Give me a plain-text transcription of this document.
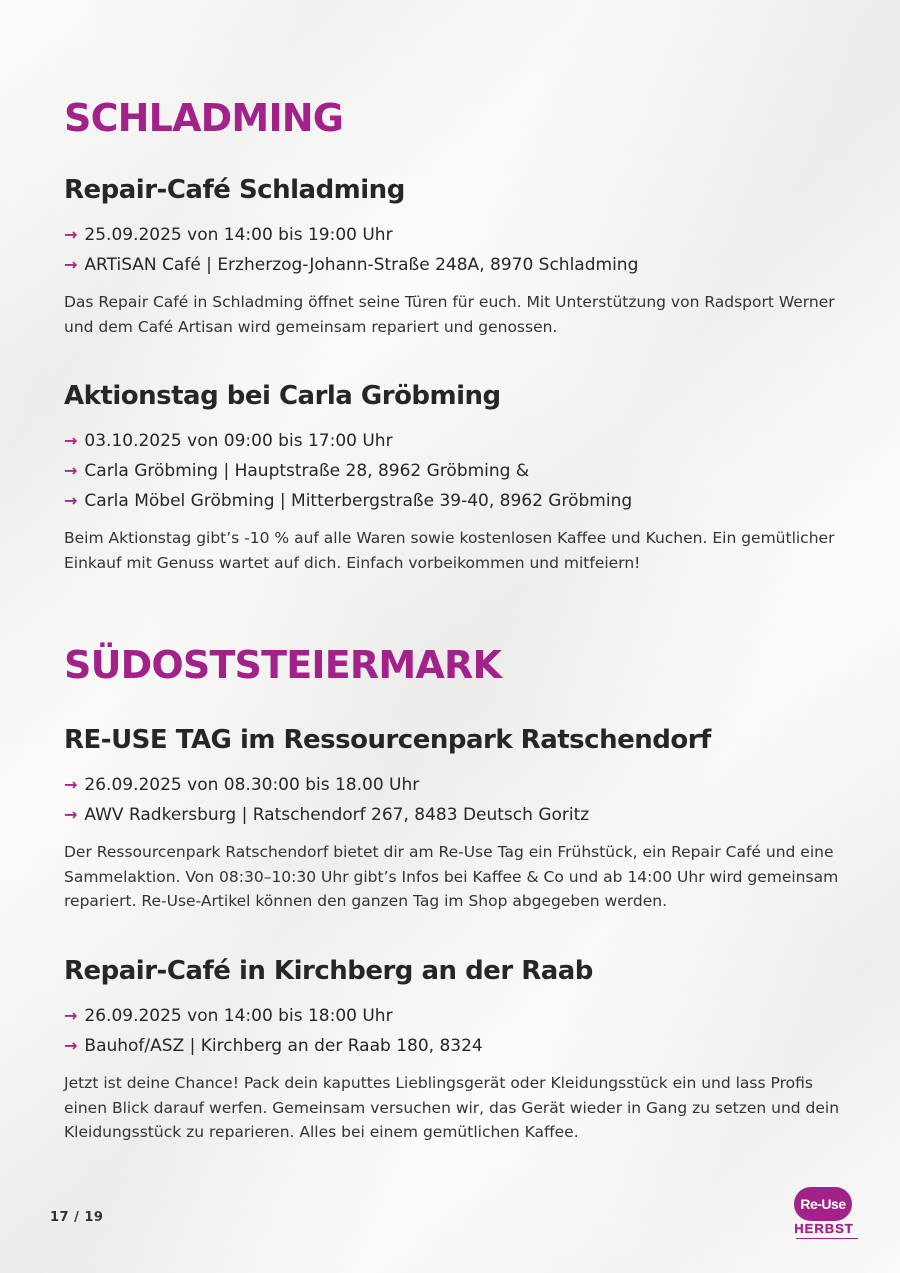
SCHLADMING
Repair-Café Schladming
→ 25.09.2025 von 14:00 bis 19:00 Uhr
→ ARTiSAN Café | Erzherzog-Johann-Straße 248A, 8970 Schladming

Das Repair Café in Schladming öffnet seine Türen für euch. Mit Unterstützung von Radsport Werner und dem Café Artisan wird gemeinsam repariert und genossen.

Aktionstag bei Carla Gröbming
→ 03.10.2025 von 09:00 bis 17:00 Uhr
→ Carla Gröbming | Hauptstraße 28, 8962 Gröbming &
→ Carla Möbel Gröbming | Mitterbergstraße 39-40, 8962 Gröbming

Beim Aktionstag gibt’s -10 % auf alle Waren sowie kostenlosen Kaffee und Kuchen. Ein gemütlicher Einkauf mit Genuss wartet auf dich. Einfach vorbeikommen und mitfeiern!

SÜDOSTSTEIERMARK
RE-USE TAG im Ressourcenpark Ratschendorf
→ 26.09.2025 von 08.30:00 bis 18.00 Uhr
→ AWV Radkersburg | Ratschendorf 267, 8483 Deutsch Goritz

Der Ressourcenpark Ratschendorf bietet dir am Re-Use Tag ein Frühstück, ein Repair Café und eine Sammelaktion. Von 08:30–10:30 Uhr gibt’s Infos bei Kaffee & Co und ab 14:00 Uhr wird gemeinsam repariert. Re-Use-Artikel können den ganzen Tag im Shop abgegeben werden.

Repair-Café in Kirchberg an der Raab
→ 26.09.2025 von 14:00 bis 18:00 Uhr
→ Bauhof/ASZ | Kirchberg an der Raab 180, 8324

Jetzt ist deine Chance! Pack dein kaputtes Lieblingsgerät oder Kleidungsstück ein und lass Profis einen Blick darauf werfen. Gemeinsam versuchen wir, das Gerät wieder in Gang zu setzen und dein Kleidungsstück zu reparieren. Alles bei einem gemütlichen Kaffee.

17 / 19
Re-Use
HERBST
